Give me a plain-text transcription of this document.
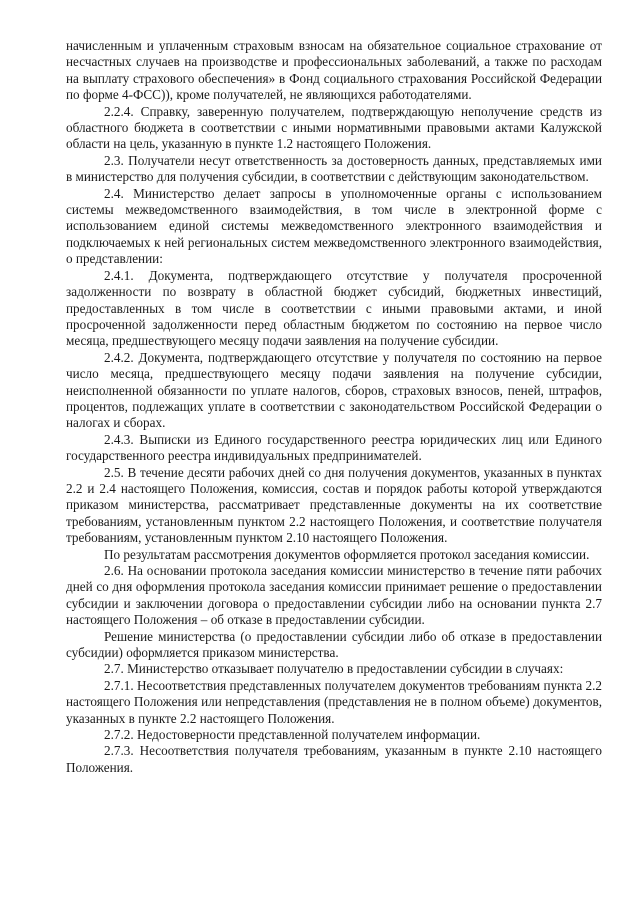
начисленным и уплаченным страховым взносам на обязательное социальное страхование от несчастных случаев на производстве и профессиональных заболеваний, а также по расходам на выплату страхового обеспечения» в Фонд социального страхования Российской Федерации по форме 4-ФСС)), кроме получателей, не являющихся работодателями.

2.2.4. Справку, заверенную получателем, подтверждающую неполучение средств из областного бюджета в соответствии с иными нормативными правовыми актами Калужской области на цель, указанную в пункте 1.2 настоящего Положения.

2.3. Получатели несут ответственность за достоверность данных, представляемых ими в министерство для получения субсидии, в соответствии с действующим законодательством.

2.4. Министерство делает запросы в уполномоченные органы с использованием системы межведомственного взаимодействия, в том числе в электронной форме с использованием единой системы межведомственного электронного взаимодействия и подключаемых к ней региональных систем межведомственного электронного взаимодействия, о представлении:

2.4.1. Документа, подтверждающего отсутствие у получателя просроченной задолженности по возврату в областной бюджет субсидий, бюджетных инвестиций, предоставленных в том числе в соответствии с иными правовыми актами, и иной просроченной задолженности перед областным бюджетом по состоянию на первое число месяца, предшествующего месяцу подачи заявления на получение субсидии.

2.4.2. Документа, подтверждающего отсутствие у получателя по состоянию на первое число месяца, предшествующего месяцу подачи заявления на получение субсидии, неисполненной обязанности по уплате налогов, сборов, страховых взносов, пеней, штрафов, процентов, подлежащих уплате в соответствии с законодательством Российской Федерации о налогах и сборах.

2.4.3. Выписки из Единого государственного реестра юридических лиц или Единого государственного реестра индивидуальных предпринимателей.

2.5. В течение десяти рабочих дней со дня получения документов, указанных в пунктах 2.2 и 2.4 настоящего Положения, комиссия, состав и порядок работы которой утверждаются приказом министерства, рассматривает представленные документы на их соответствие требованиям, установленным пунктом 2.2 настоящего Положения, и соответствие получателя требованиям, установленным пунктом 2.10 настоящего Положения.

По результатам рассмотрения документов оформляется протокол заседания комиссии.

2.6. На основании протокола заседания комиссии министерство в течение пяти рабочих дней со дня оформления протокола заседания комиссии принимает решение о предоставлении субсидии и заключении договора о предоставлении субсидии либо на основании пункта 2.7 настоящего Положения – об отказе в предоставлении субсидии.

Решение министерства (о предоставлении субсидии либо об отказе в предоставлении субсидии) оформляется приказом министерства.

2.7. Министерство отказывает получателю в предоставлении субсидии в случаях:

2.7.1. Несоответствия представленных получателем документов требованиям пункта 2.2 настоящего Положения или непредставления (представления не в полном объеме) документов, указанных в пункте 2.2 настоящего Положения.

2.7.2. Недостоверности представленной получателем информации.

2.7.3. Несоответствия получателя требованиям, указанным в пункте 2.10 настоящего Положения.
